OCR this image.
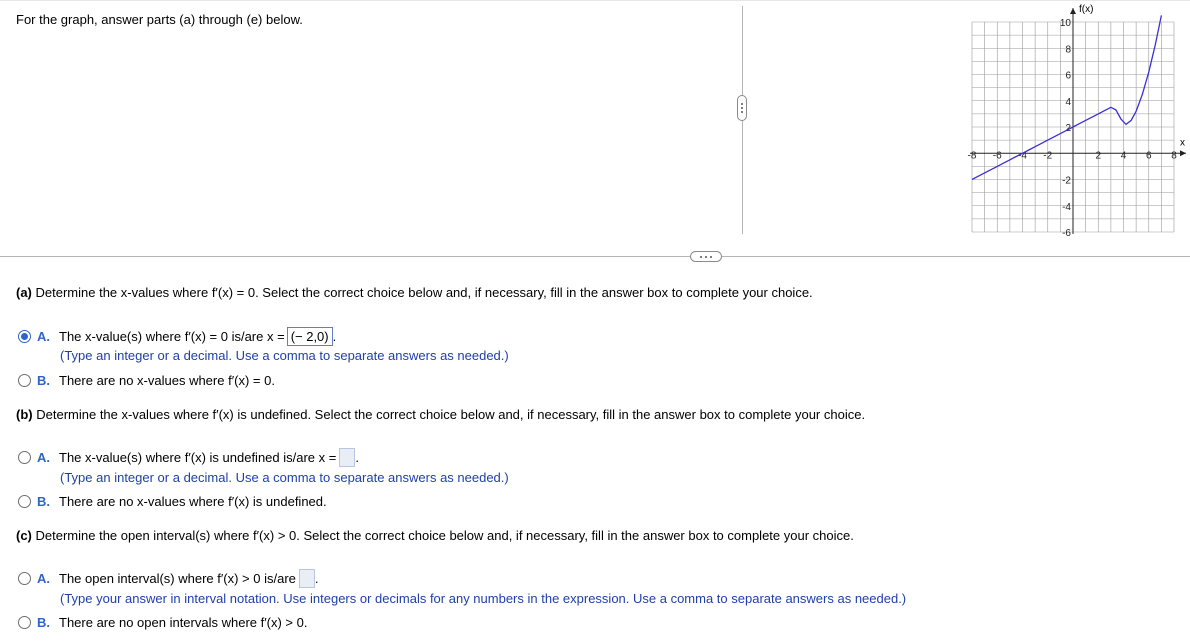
For the graph, answer parts (a) through (e) below.
-8 -6 -4 -2	2 4 6 8
10
8
6
4
2
-2
-4
-6
f(x)
x
(a) Determine the x-values where f′(x) = 0. Select the correct choice below and, if necessary, fill in the answer box to complete your choice.
A. The x-value(s) where f′(x) = 0 is/are x = (− 2,0) .
(Type an integer or a decimal. Use a comma to separate answers as needed.)
B. There are no x-values where f′(x) = 0.
(b) Determine the x-values where f′(x) is undefined. Select the correct choice below and, if necessary, fill in the answer box to complete your choice.
A. The x-value(s) where f′(x) is undefined is/are x = .
(Type an integer or a decimal. Use a comma to separate answers as needed.)
B. There are no x-values where f′(x) is undefined.
(c) Determine the open interval(s) where f′(x) > 0. Select the correct choice below and, if necessary, fill in the answer box to complete your choice.
A. The open interval(s) where f′(x) > 0 is/are .
(Type your answer in interval notation. Use integers or decimals for any numbers in the expression. Use a comma to separate answers as needed.)
B. There are no open intervals where f′(x) > 0.
